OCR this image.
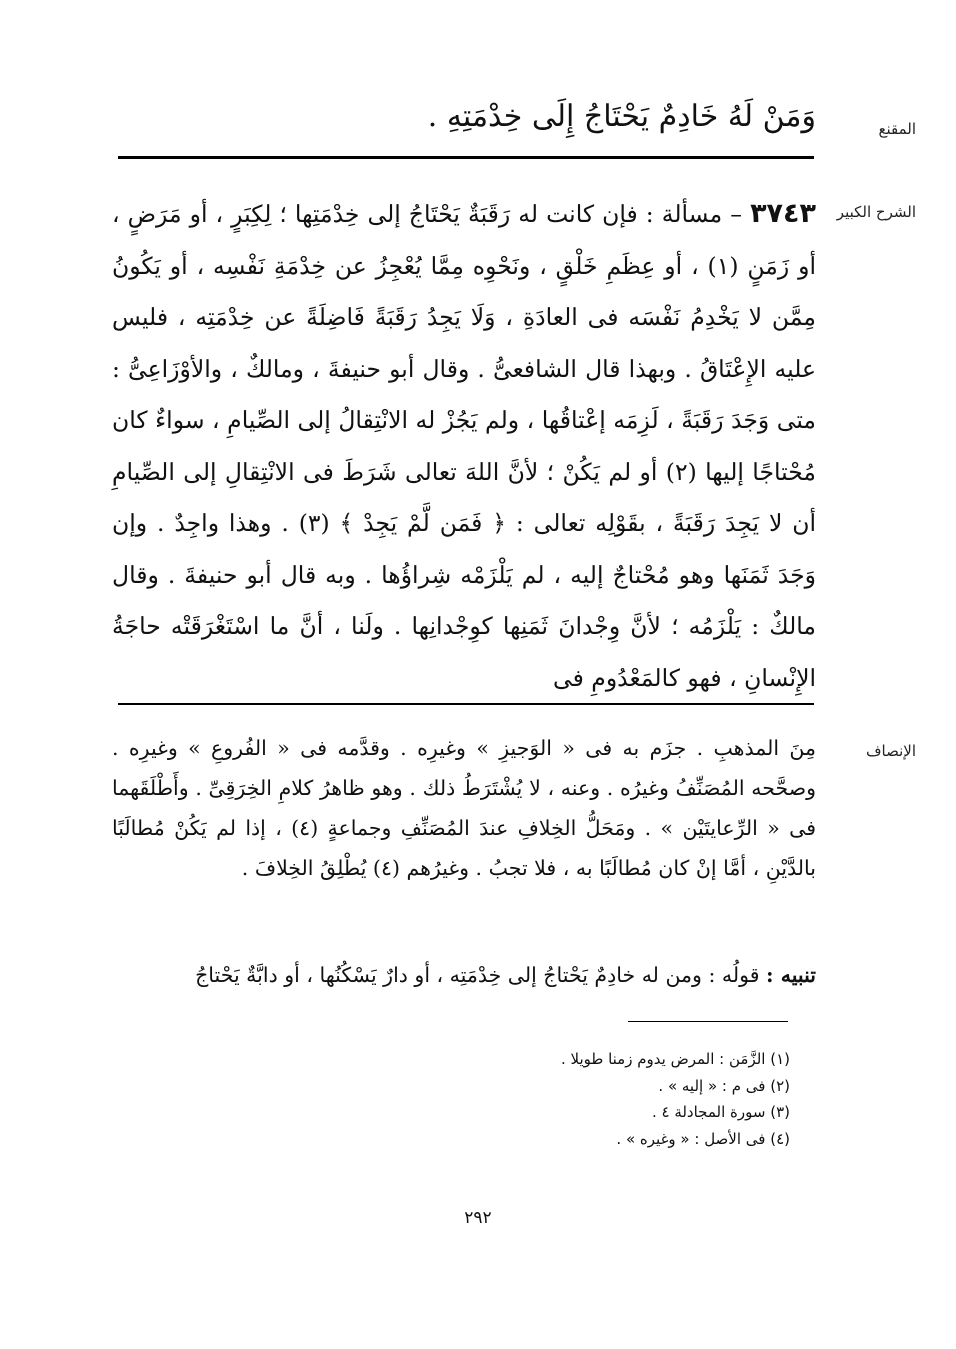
المقنع
وَمَنْ لَهُ خَادِمٌ يَحْتَاجُ إِلَى خِدْمَتِهِ .
الشرح الكبير
٣٧٤٣ – مسألة : فإن كانت له رَقَبَةٌ يَحْتَاجُ إلى خِدْمَتِها ؛ لِكِبَرٍ ، أو مَرَضٍ ، أو زَمَنٍ (١) ، أو عِظَمِ خَلْقٍ ، ونَحْوِه مِمَّا يُعْجِزُ عن خِدْمَةِ نَفْسِه ، أو يَكُونُ مِمَّن لا يَخْدِمُ نَفْسَه فى العادَةِ ، وَلَا يَجِدُ رَقَبَةً فَاضِلَةً عن خِدْمَتِه ، فليس عليه الإِعْتَاقُ . وبهذا قال الشافعىُّ . وقال أبو حنيفةَ ، ومالكٌ ، والأوْزَاعِىُّ : متى وَجَدَ رَقَبَةً ، لَزِمَه إعْتاقُها ، ولم يَجُزْ له الانْتِقالُ إلى الصِّيامِ ، سواءٌ كان مُحْتاجًا إليها (٢) أو لم يَكُنْ ؛ لأنَّ اللهَ تعالى شَرَطَ فى الانْتِقالِ إلى الصِّيامِ أن لا يَجِدَ رَقَبَةً ، بقَوْلِه تعالى : ﴿ فَمَن لَّمْ يَجِدْ ﴾ (٣) . وهذا واجِدٌ . وإن وَجَدَ ثَمَنَها وهو مُحْتاجٌ إليه ، لم يَلْزَمْه شِراؤُها . وبه قال أبو حنيفةَ . وقال مالكٌ : يَلْزَمُه ؛ لأنَّ وِجْدانَ ثَمَنِها كوِجْدانِها . ولَنا ، أنَّ ما اسْتَغْرَقَتْه حاجَةُ الإِنْسانِ ، فهو كالمَعْدُومِ فى
الإنصاف
مِنَ المذهبِ . جزَم به فى « الوَجيزِ » وغيرِه . وقدَّمه فى « الفُروعِ » وغيرِه . وصحَّحه المُصَنِّفُ وغيرُه . وعنه ، لا يُشْتَرَطُ ذلك . وهو ظاهرُ كلامِ الخِرَقِىِّ . وأَطْلَقَهما فى « الرِّعايتَيْن » . ومَحَلُّ الخِلافِ عندَ المُصَنِّفِ وجماعةٍ (٤) ، إذا لم يَكُنْ مُطالَبًا بالدَّيْنِ ، أمَّا إنْ كان مُطالَبًا به ، فلا تجبُ . وغيرُهم (٤) يُطْلِقُ الخِلافَ .
تنبيه : قولُه : ومن له خادِمٌ يَحْتاجُ إلى خِدْمَتِه ، أو دارٌ يَسْكُنُها ، أو دابَّةٌ يَحْتاجُ
(١) الزَّمَن : المرض يدوم زمنا طويلا .
(٢) فى م : « إليه » .
(٣) سورة المجادلة ٤ .
(٤) فى الأصل : « وغيره » .
٢٩٢
